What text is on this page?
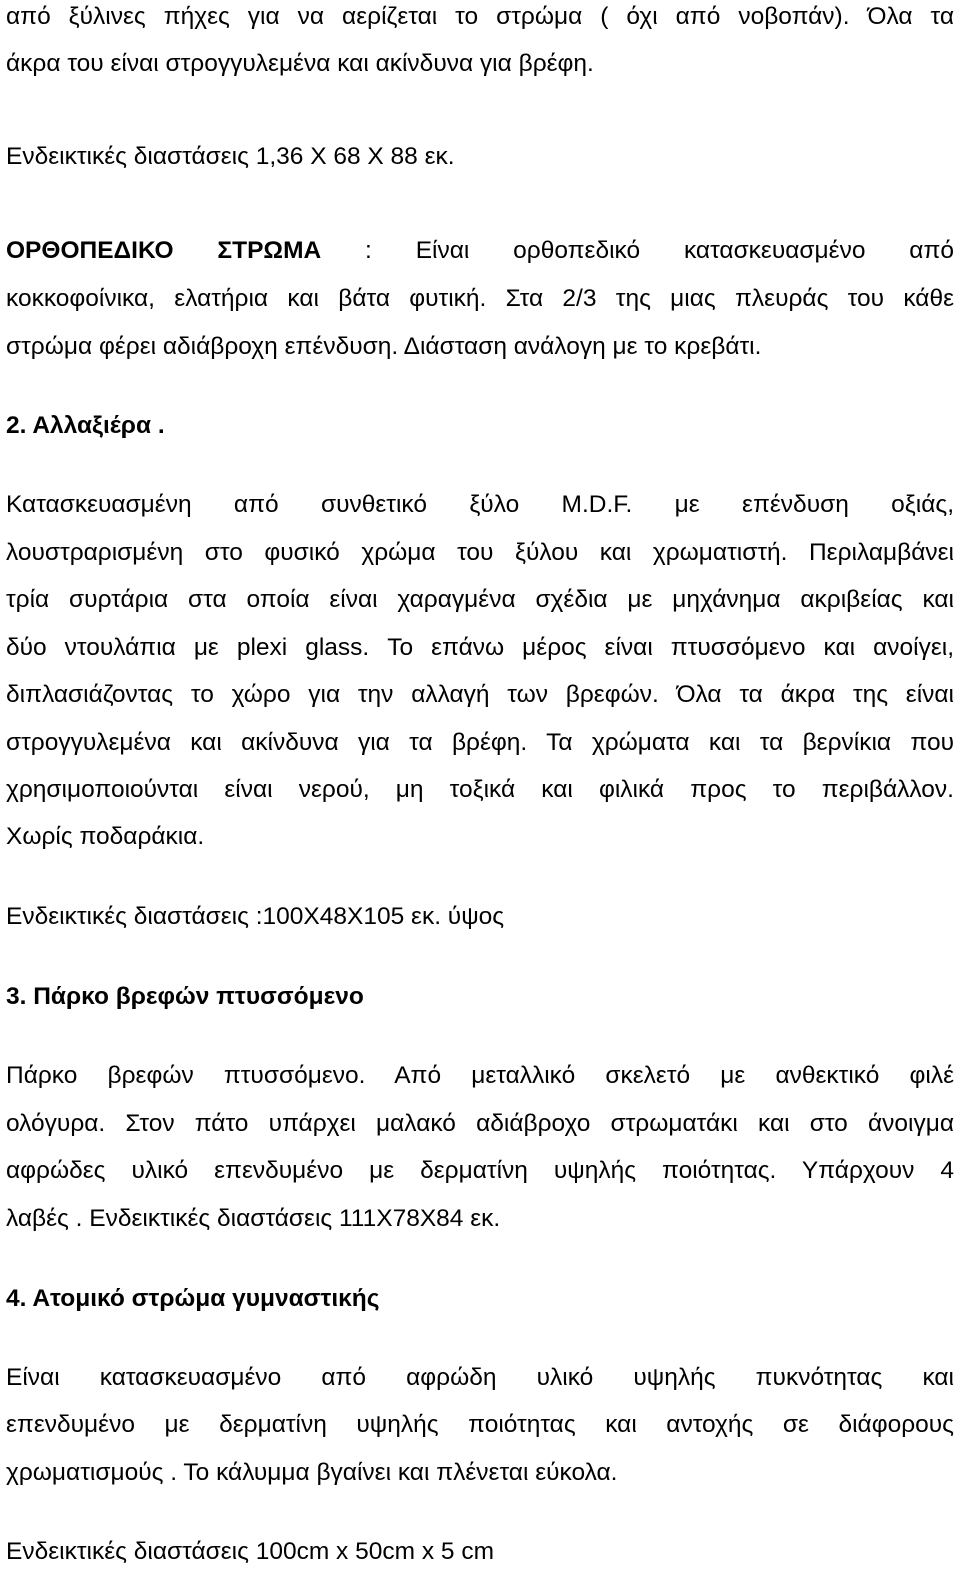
από ξύλινες πήχες για να αερίζεται το στρώμα ( όχι από νοβοπάν). Όλα τα
άκρα του είναι στρογγυλεμένα και ακίνδυνα για βρέφη.
Ενδεικτικές διαστάσεις 1,36 Χ 68 Χ 88 εκ.
ΟΡΘΟΠΕΔΙΚΟ ΣΤΡΩΜΑ : Είναι ορθοπεδικό κατασκευασμένο από
κοκκοφοίνικα, ελατήρια και βάτα φυτική. Στα 2/3 της μιας πλευράς του κάθε
στρώμα φέρει αδιάβροχη επένδυση. Διάσταση ανάλογη με το κρεβάτι.
2. Αλλαξιέρα .
Κατασκευασμένη από συνθετικό ξύλο M.D.F. με επένδυση οξιάς,
λουστραρισμένη στο φυσικό χρώμα του ξύλου και χρωματιστή. Περιλαμβάνει
τρία συρτάρια στα οποία είναι χαραγμένα σχέδια με μηχάνημα ακριβείας και
δύο ντουλάπια με plexi glass. Το επάνω μέρος είναι πτυσσόμενο και ανοίγει,
διπλασιάζοντας το χώρο για την αλλαγή των βρεφών. Όλα τα άκρα της είναι
στρογγυλεμένα και ακίνδυνα για τα βρέφη. Τα χρώματα και τα βερνίκια που
χρησιμοποιούνται είναι νερού, μη τοξικά και φιλικά προς το περιβάλλον.
Χωρίς ποδαράκια.
Ενδεικτικές διαστάσεις :100Χ48Χ105 εκ. ύψος
3. Πάρκο βρεφών πτυσσόμενο
Πάρκο βρεφών πτυσσόμενο. Από μεταλλικό σκελετό με ανθεκτικό φιλέ
ολόγυρα. Στον πάτο υπάρχει μαλακό αδιάβροχο στρωματάκι και στο άνοιγμα
αφρώδες υλικό επενδυμένο με δερματίνη υψηλής ποιότητας. Υπάρχουν 4
λαβές . Ενδεικτικές διαστάσεις 111Χ78Χ84 εκ.
4. Ατομικό στρώμα γυμναστικής
Είναι κατασκευασμένο από αφρώδη υλικό υψηλής πυκνότητας και
επενδυμένο με δερματίνη υψηλής ποιότητας και αντοχής σε διάφορους
χρωματισμούς . Το κάλυμμα βγαίνει και πλένεται εύκολα.
Ενδεικτικές διαστάσεις 100cm x 50cm x 5 cm
